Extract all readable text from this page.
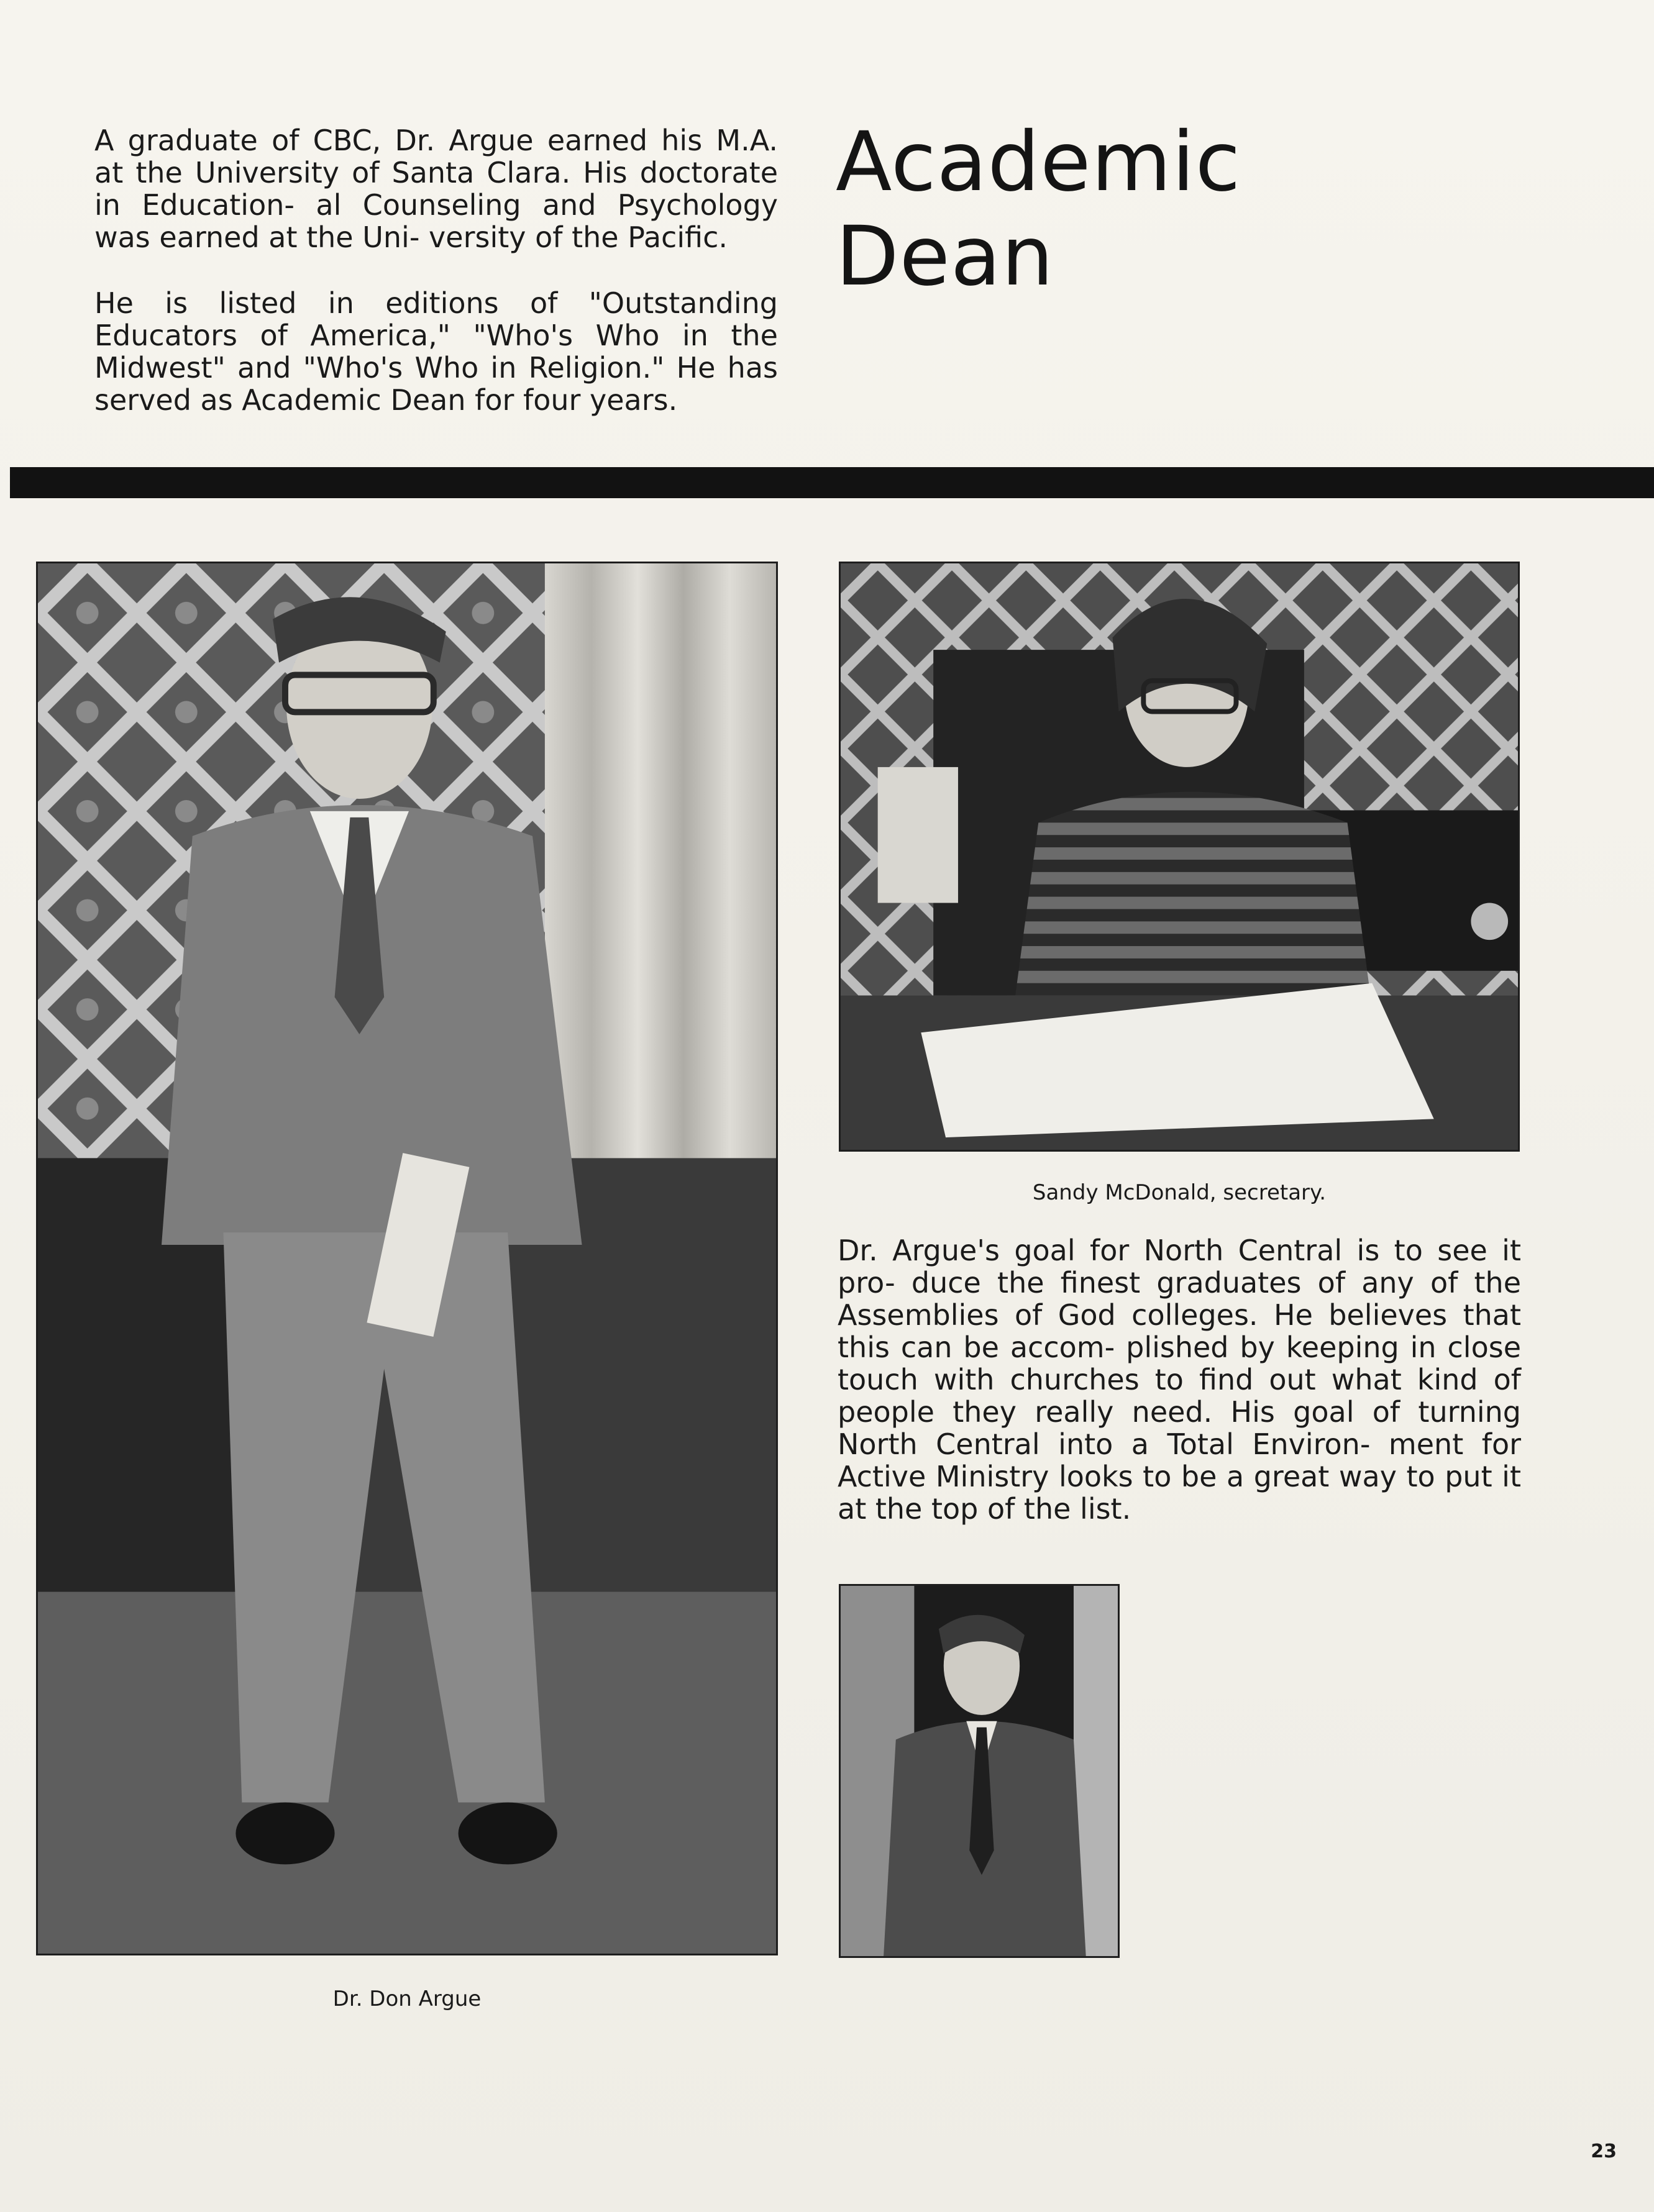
A graduate of CBC, Dr. Argue earned his M.A. at the University of Santa Clara. His doctorate in Education- al Counseling and Psychology was earned at the Uni- versity of the Pacific.

He is listed in editions of "Outstanding Educators of America," "Who's Who in the Midwest" and "Who's Who in Religion." He has served as Academic Dean for four years.

Academic
Dean
Dr. Don Argue
Sandy McDonald, secretary.

Dr. Argue's goal for North Central is to see it pro- duce the finest graduates of any of the Assemblies of God colleges. He believes that this can be accom- plished by keeping in close touch with churches to find out what kind of people they really need. His goal of turning North Central into a Total Environ- ment for Active Ministry looks to be a great way to put it at the top of the list.

23
